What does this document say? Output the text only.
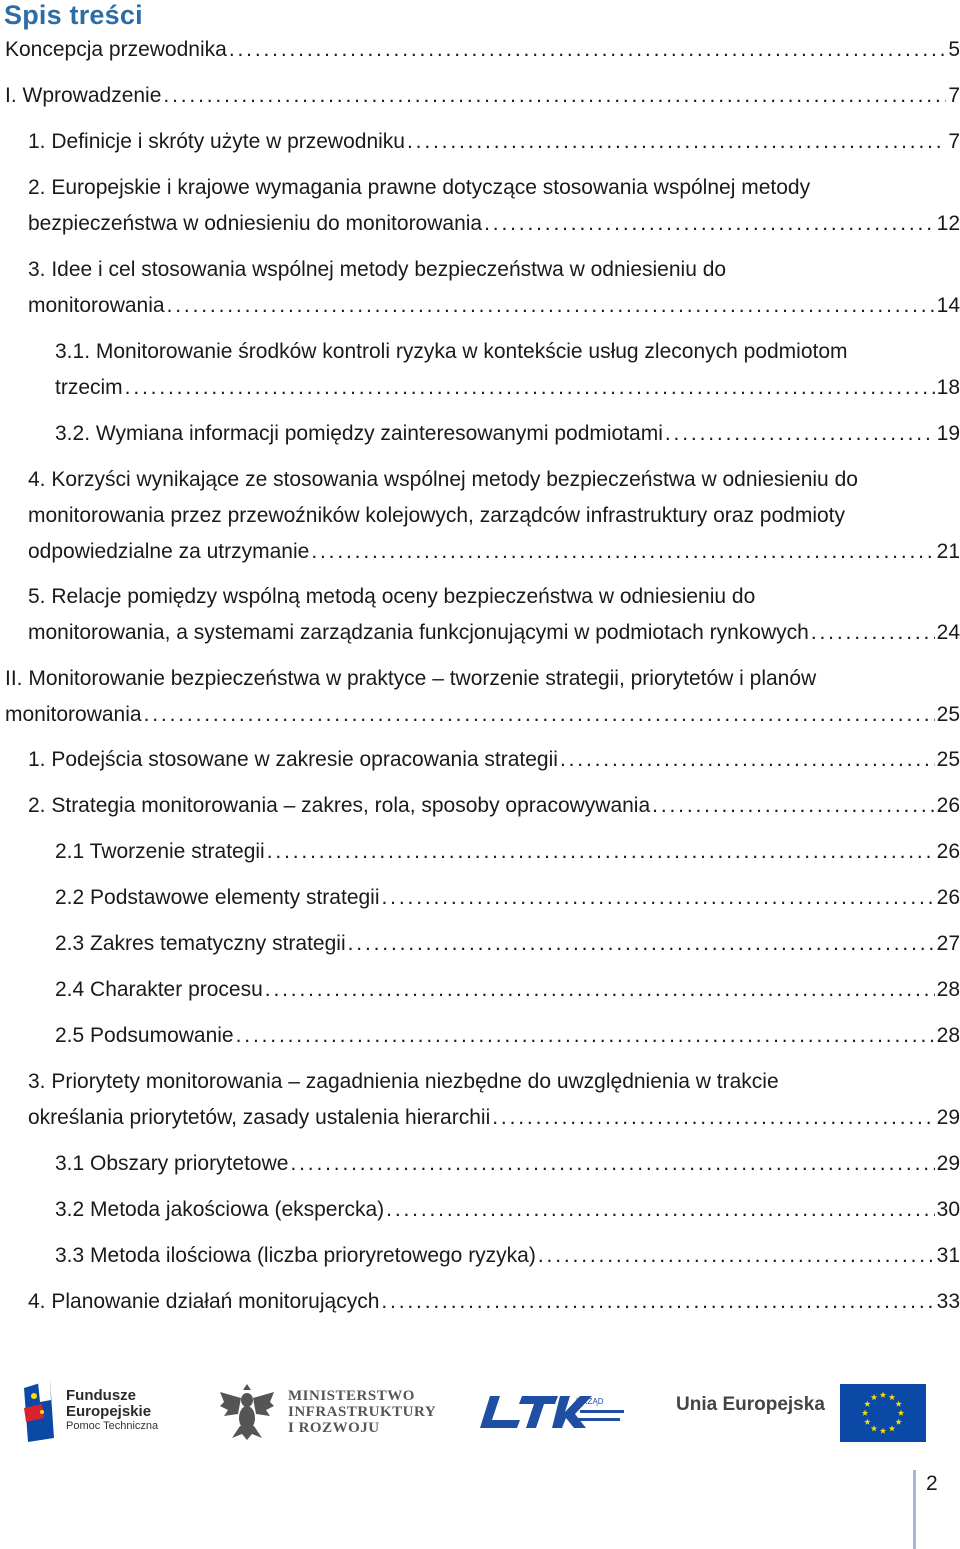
Spis treści
Koncepcja przewodnika . . .	5
I. Wprowadzenie . . .	7
1. Definicje i skróty użyte w przewodniku . . .	7
2. Europejskie i krajowe wymagania prawne dotyczące stosowania wspólnej metody
bezpieczeństwa w odniesieniu do monitorowania . . .	12
3. Idee i cel stosowania wspólnej metody bezpieczeństwa w odniesieniu do
monitorowania . . .	14
3.1. Monitorowanie środków kontroli ryzyka w kontekście usług zleconych podmiotom
trzecim . . .	18
3.2. Wymiana informacji pomiędzy zainteresowanymi podmiotami . . .	19
4. Korzyści wynikające ze stosowania wspólnej metody bezpieczeństwa w odniesieniu do
monitorowania przez przewoźników kolejowych, zarządców infrastruktury oraz podmioty
odpowiedzialne za utrzymanie . . .	21
5. Relacje pomiędzy wspólną metodą oceny bezpieczeństwa w odniesieniu do
monitorowania, a systemami zarządzania funkcjonującymi w podmiotach rynkowych . . .	24
II. Monitorowanie bezpieczeństwa w praktyce – tworzenie strategii, priorytetów i planów
monitorowania . . .	25
1. Podejścia stosowane w zakresie opracowania strategii . . .	25
2. Strategia monitorowania – zakres, rola, sposoby opracowywania . . .	26
2.1 Tworzenie strategii . . .	26
2.2 Podstawowe elementy strategii . . .	26
2.3 Zakres tematyczny strategii . . .	27
2.4 Charakter procesu . . .	28
2.5 Podsumowanie . . .	28
3. Priorytety monitorowania – zagadnienia niezbędne do uwzględnienia w trakcie
określania priorytetów, zasady ustalenia hierarchii . . .	29
3.1 Obszary priorytetowe . . .	29
3.2 Metoda jakościowa (ekspercka) . . .	30
3.3 Metoda ilościowa (liczba prioryretowego ryzyka) . . .	31
4. Planowanie działań monitorujących . . .	33
Fundusze
Europejskie
Pomoc Techniczna
MINISTERSTWO
INFRASTRUKTURY
I ROZWOJU
URZĄD	Unia Europejska
2
